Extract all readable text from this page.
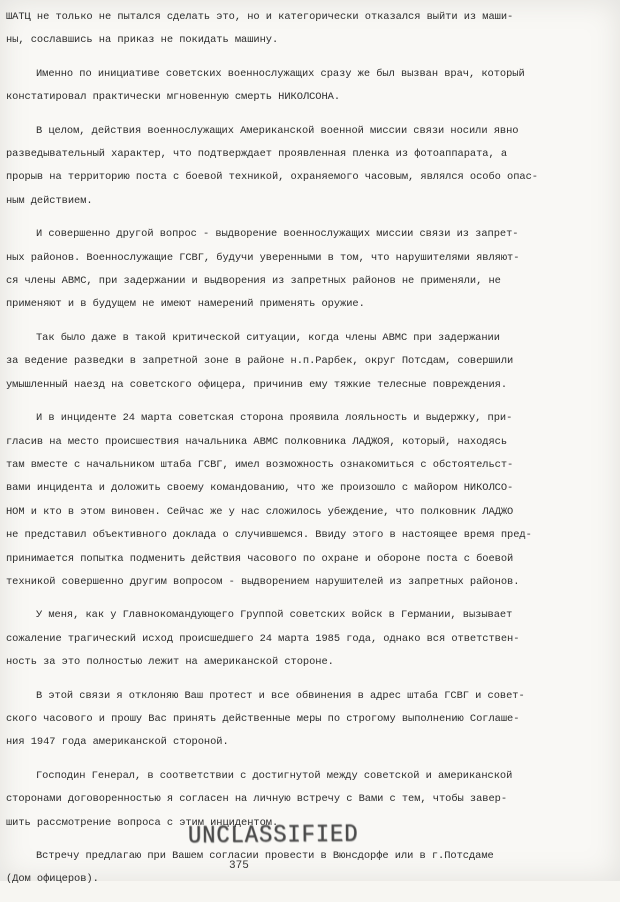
ШАТЦ не только не пытался сделать это, но и категорически отказался выйти из маши-
ны, сославшись на приказ не покидать машину.
Именно по инициативе советских военнослужащих сразу же был вызван врач, который
констатировал практически мгновенную смерть НИКОЛСОНА.
В целом, действия военнослужащих Американской военной миссии связи носили явно
разведывательный характер, что подтверждает проявленная пленка из фотоаппарата, а
прорыв на территорию поста с боевой техникой, охраняемого часовым, являлся особо опас-
ным действием.
И совершенно другой вопрос - выдворение военнослужащих миссии связи из запрет-
ных районов. Военнослужащие ГСВГ, будучи уверенными в том, что нарушителями являют-
ся члены АВМС, при задержании и выдворения из запретных районов не применяли, не
применяют и в будущем не имеют намерений применять оружие.
Так было даже в такой критической ситуации, когда члены АВМС при задержании
за ведение разведки в запретной зоне в районе н.п.Рарбек, округ Потсдам, совершили
умышленный наезд на советского офицера, причинив ему тяжкие телесные повреждения.
И в инциденте 24 марта советская сторона проявила лояльность и выдержку, при-
гласив на место происшествия начальника АВМС полковника ЛАДЖОЯ, который, находясь
там вместе с начальником штаба ГСВГ, имел возможность ознакомиться с обстоятельст-
вами инцидента и доложить своему командованию, что же произошло с майором НИКОЛСО-
НОМ и кто в этом виновен. Сейчас же у нас сложилось убеждение, что полковник ЛАДЖО
не представил объективного доклада о случившемся. Ввиду этого в настоящее время пред-
принимается попытка подменить действия часового по охране и обороне поста с боевой
техникой совершенно другим вопросом - выдворением нарушителей из запретных районов.
У меня, как у Главнокомандующего Группой советских войск в Германии, вызывает
сожаление трагический исход происшедшего 24 марта 1985 года, однако вся ответствен-
ность за это полностью лежит на американской стороне.
В этой связи я отклоняю Ваш протест и все обвинения в адрес штаба ГСВГ и совет-
ского часового и прошу Вас принять действенные меры по строгому выполнению Соглаше-
ния 1947 года американской стороной.
Господин Генерал, в соответствии с достигнутой между советской и американской
сторонами договоренностью я согласен на личную встречу с Вами с тем, чтобы завер-
шить рассмотрение вопроса с этим инцидентом.
Встречу предлагаю при Вашем согласии провести в Вюнсдорфе или в г.Потсдаме
(Дом офицеров).
UNCLASSIFIED
375
